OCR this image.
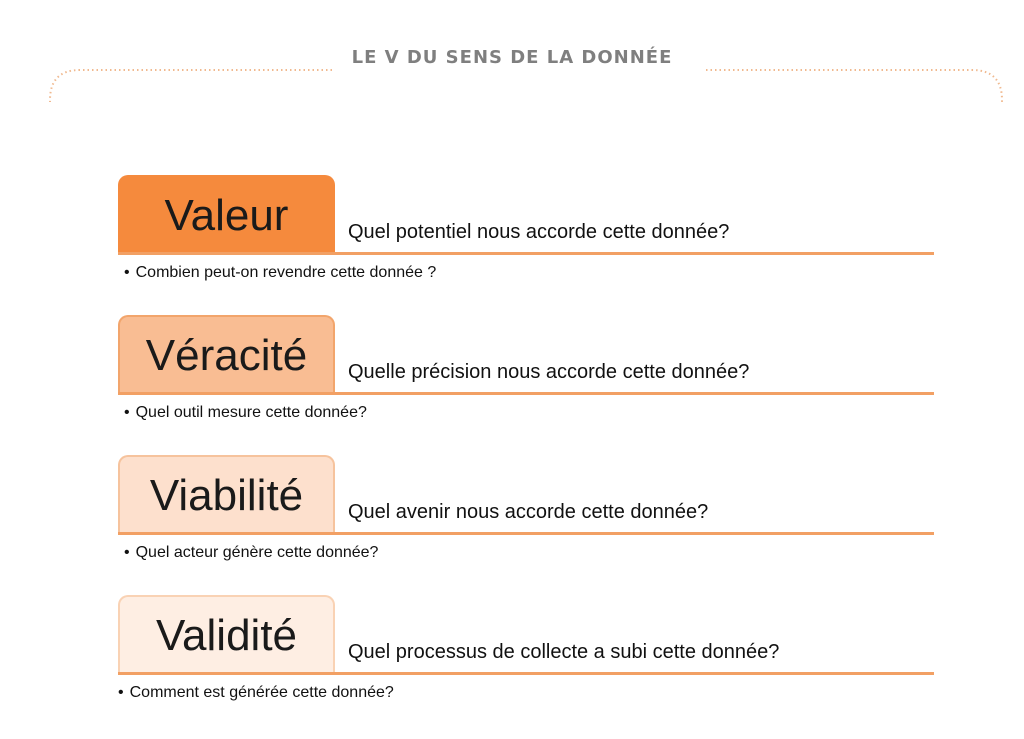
LE V DU SENS DE LA DONNÉE
Valeur	Quel potentiel nous accorde cette donnée?
• Combien peut-on revendre cette donnée ?
Véracité	Quelle précision nous accorde cette donnée?
• Quel outil mesure cette donnée?
Viabilité	Quel avenir nous accorde cette donnée?
• Quel acteur génère cette donnée?
Validité	Quel processus de collecte a subi cette donnée?
• Comment est générée cette donnée?
